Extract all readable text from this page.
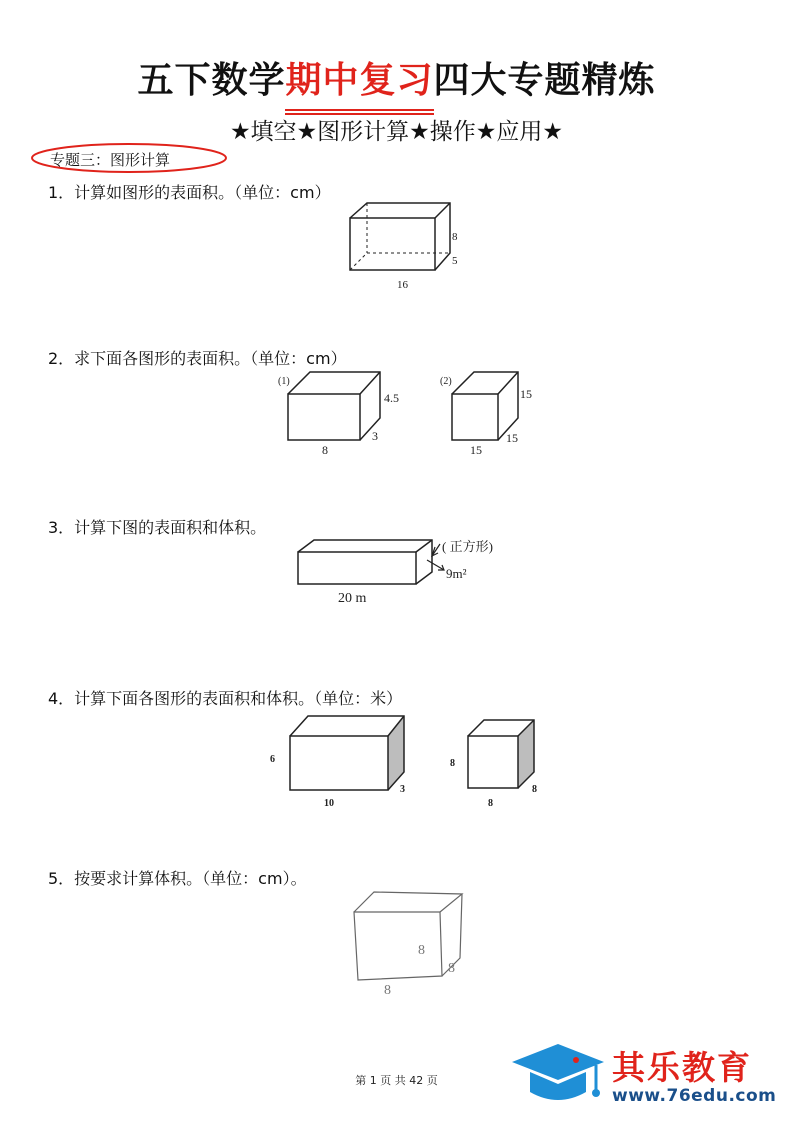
五下数学期中复习四大专题精炼
★填空★图形计算★操作★应用★
专题三：图形计算
1．计算如图形的表面积。（单位：cm）
8
5
16
2．求下面各图形的表面积。（单位：cm）
(1)
4.5
3
8
(2)
15
15
15
3．计算下图的表面积和体积。
( 正方形)
9m²
20 m
4．计算下面各图形的表面积和体积。（单位：米）
6
10
3
8
8
8
5．按要求计算体积。（单位：cm）。
8
8
8
第 1 页 共 42 页	其乐教育
www.76edu.com
